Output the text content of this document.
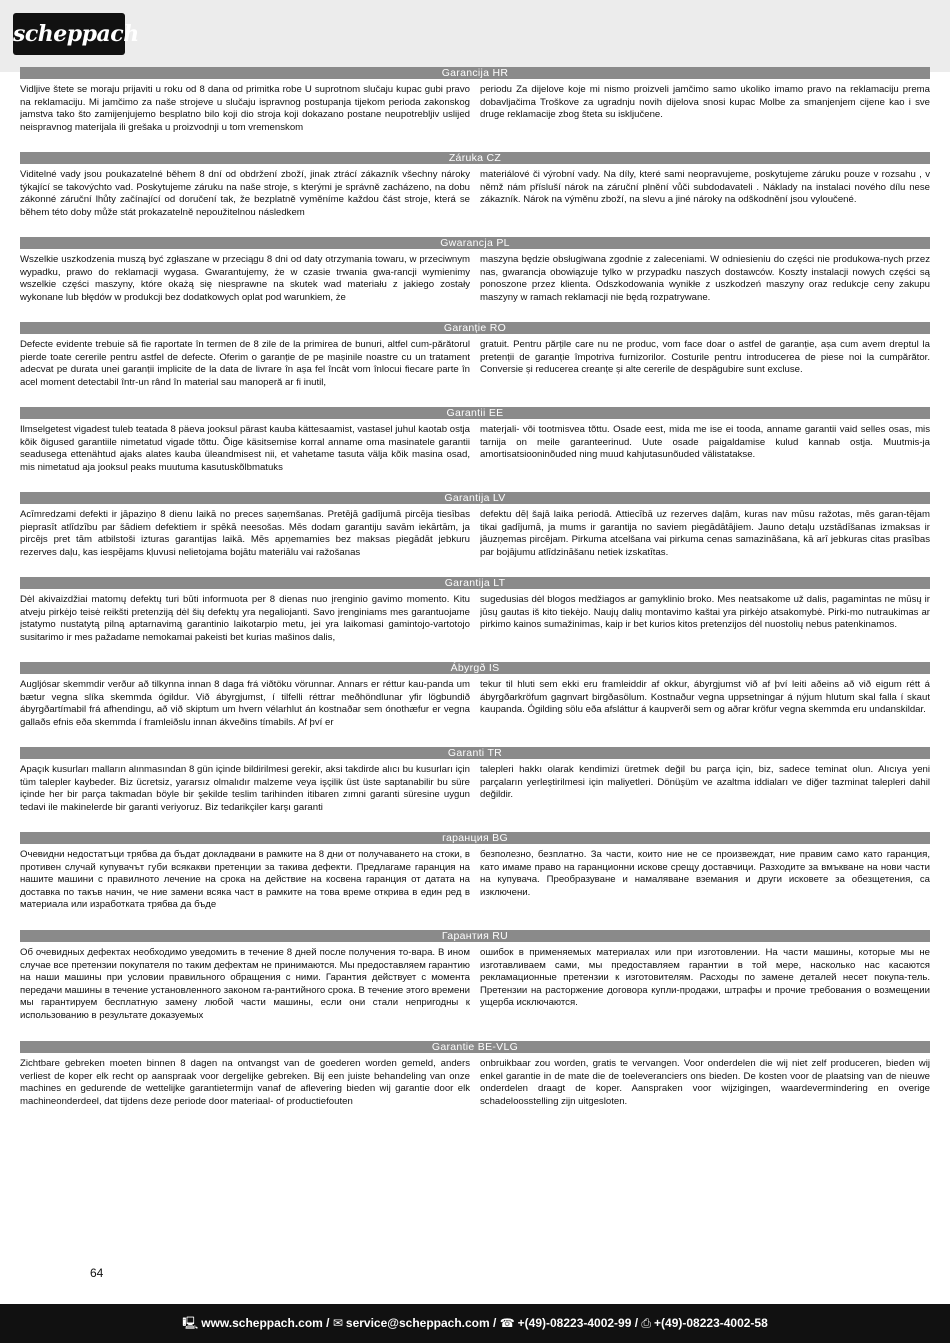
scheppach
Garancija HR

Vidljive štete se moraju prijaviti u roku od 8 dana od primitka robe U suprotnom slučaju kupac gubi pravo na reklamaciju. Mi jamčimo za naše strojeve u slučaju ispravnog postupanja tijekom perioda zakonskog jamstva tako što zamijenjujemo besplatno bilo koji dio stroja koji dokazano postane neupotrebljiv uslijed neispravnog materijala ili grešaka u proizvodnji u tom vremenskom

periodu Za dijelove koje mi nismo proizveli jamčimo samo ukoliko imamo pravo na reklamaciju prema dobavljačima Troškove za ugradnju novih dijelova snosi kupac Molbe za smanjenjem cijene kao i sve druge reklamacije zbog šteta su isključene.

Záruka CZ

Viditelné vady jsou poukazatelné během 8 dní od obdržení zboží, jinak ztrácí zákazník všechny nároky týkající se takovýchto vad. Poskytujeme záruku na naše stroje, s kterými je správně zacházeno, na dobu zákonné záruční lhůty začínající od doručení tak, že bezplatně vyměníme každou část stroje, která se během této doby může stát prokazatelně nepoužitelnou následkem

materiálové či výrobní vady. Na díly, které sami neopravujeme, poskytujeme záruku pouze v rozsahu , v němž nám přísluší nárok na záruční plnění vůči subdodavateli . Náklady na instalaci nového dílu nese zákazník. Nárok na výměnu zboží, na slevu a jiné nároky na odškodnění jsou vyloučené.

Gwarancja PL

Wszelkie uszkodzenia muszą być zgłaszane w przeciągu 8 dni od daty otrzymania towaru, w przeciwnym wypadku, prawo do reklamacji wygasa. Gwarantujemy, że w czasie trwania gwa-rancji wymienimy wszelkie części maszyny, które okażą się niesprawne na skutek wad materiału z jakiego zostały wykonane lub błędów w produkcji bez dodatkowych oplat pod warunkiem, że

maszyna będzie obsługiwana zgodnie z zaleceniami. W odniesieniu do części nie produkowa-nych przez nas, gwarancja obowiązuje tylko w przypadku naszych dostawców. Koszty instalacji nowych części są ponoszone przez klienta. Odszkodowania wynikłe z uszkodzeń maszyny oraz redukcje ceny zakupu maszyny w ramach reklamacji nie będą rozpatrywane.

Garanție RO

Defecte evidente trebuie să fie raportate în termen de 8 zile de la primirea de bunuri, altfel cum-părătorul pierde toate cererile pentru astfel de defecte. Oferim o garanție de pe mașinile noastre cu un tratament adecvat pe durata unei garanții implicite de la data de livrare în așa fel încât vom înlocui fiecare parte în acel moment detectabil într-un rând în material sau manoperă ar fi inutil,

gratuit. Pentru părțile care nu ne produc, vom face doar o astfel de garanție, așa cum avem dreptul la pretenții de garanție împotriva furnizorilor. Costurile pentru introducerea de piese noi la cumpărător. Conversie și reducerea creanțe și alte cererile de despăgubire sunt excluse.

Garantii EE

Ilmselgetest vigadest tuleb teatada 8 päeva jooksul pärast kauba kättesaamist, vastasel juhul kaotab ostja kõik õigused garantiile nimetatud vigade tõttu. Õige käsitsemise korral anname oma masinatele garantii seadusega ettenähtud ajaks alates kauba üleandmisest nii, et vahetame tasuta välja kõik masina osad, mis nimetatud aja jooksul peaks muutuma kasutuskõlbmatuks

materjali- või tootmisvea tõttu. Osade eest, mida me ise ei tooda, anname garantii vaid selles osas, mis tarnija on meile garanteerinud. Uute osade paigaldamise kulud kannab ostja. Muutmis-ja amortisatsiooninõuded ning muud kahjutasunõuded välistatakse.

Garantija LV

Acīmredzami defekti ir jāpaziņo 8 dienu laikā no preces saņemšanas. Pretējā gadījumā pircēja tiesības pieprasīt atlīdzību par šādiem defektiem ir spēkā neesošas. Mēs dodam garantiju savām iekārtām, ja pircējs pret tām atbilstoši izturas garantijas laikā. Mēs apņemamies bez maksas piegādāt jebkuru rezerves daļu, kas iespējams kļuvusi nelietojama bojātu materiālu vai ražošanas

defektu dēļ šajā laika periodā. Attiecībā uz rezerves daļām, kuras nav mūsu ražotas, mēs garan-tējam tikai gadījumā, ja mums ir garantija no saviem piegādātājiem. Jauno detaļu uzstādīšanas izmaksas ir jāuzņemas pircējam. Pirkuma atcelšana vai pirkuma cenas samazināšana, kā arī jebkuras citas prasības par bojājumu atlīdzināšanu netiek izskatītas.

Garantija LT

Dėl akivaizdžiai matomų defektų turi būti informuota per 8 dienas nuo įrenginio gavimo momento. Kitu atveju pirkėjo teisė reikšti pretenziją dėl šių defektų yra negaliojanti. Savo įrenginiams mes garantuojame įstatymo nustatytą pilną aptarnavimą garantinio laikotarpio metu, jei yra laikomasi gamintojo-vartotojo susitarimo ir mes pažadame nemokamai pakeisti bet kurias mašinos dalis,

sugedusias dėl blogos medžiagos ar gamyklinio broko. Mes neatsakome už dalis, pagamintas ne mūsų ir jūsų gautas iš kito tiekėjo. Naujų dalių montavimo kaštai yra pirkėjo atsakomybė. Pirki-mo nutraukimas ar pirkimo kainos sumažinimas, kaip ir bet kurios kitos pretenzijos dėl nuostolių nebus patenkinamos.

Ábyrgð IS

Augljósar skemmdir verður að tilkynna innan 8 daga frá viðtöku vörunnar. Annars er réttur kau-panda um bætur vegna slíka skemmda ógildur. Við ábyrgjumst, í tilfelli réttrar meðhöndlunar yfir lögbundið ábyrgðartímabil frá afhendingu, að við skiptum um hvern vélarhlut án kostnaðar sem ónothæfur er vegna gallaðs efnis eða skemmda í framleiðslu innan ákveðins tímabils. Af því er

tekur til hluti sem ekki eru framleiddir af okkur, ábyrgjumst við af því leiti aðeins að við eigum rétt á ábyrgðarkröfum gagnvart birgðasölum. Kostnaður vegna uppsetningar á nýjum hlutum skal falla í skaut kaupanda. Ógilding sölu eða afsláttur á kaupverði sem og aðrar kröfur vegna skemmda eru undanskildar.

Garanti TR

Apaçık kusurları malların alınmasından 8 gün içinde bildirilmesi gerekir, aksi takdirde alıcı bu kusurları için tüm talepler kaybeder. Biz ücretsiz, yararsız olmalıdır malzeme veya işçilik üst üste saptanabilir bu süre içinde her bir parça takmadan böyle bir şekilde teslim tarihinden itibaren zımni garanti süresine uygun tedavi ile makinelerde bir garanti veriyoruz. Biz tedarikçiler karşı garanti

talepleri hakkı olarak kendimizi üretmek değil bu parça için, biz, sadece teminat olun. Alıcıya yeni parçaların yerleştirilmesi için maliyetleri. Dönüşüm ve azaltma iddiaları ve diğer tazminat talepleri dahil değildir.

гаранция BG

Очевидни недостатъци трябва да бъдат докладвани в рамките на 8 дни от получаването на стоки, в противен случай купувачът губи всякакви претенции за такива дефекти. Предлагаме гаранция на нашите машини с правилното лечение на срока на действие на косвена гаранция от датата на доставка по такъв начин, че ние замени всяка част в рамките на това време открива в един ред в материала или изработката трябва да бъде

безполезно, безплатно. За части, които ние не се произвеждат, ние правим само като гаранция, като имаме право на гаранционни искове срещу доставчици. Разходите за вмъкване на нови части на купувача. Преобразуване и намаляване вземания и други исковете за обезщетения, са изключени.

Гарантия RU

Об очевидных дефектах необходимо уведомить в течение 8 дней после получения то-вара. В ином случае все претензии покупателя по таким дефектам не принимаются. Мы предоставляем гарантию на наши машины при условии правильного обращения с ними. Гарантия действует с момента передачи машины в течение установленного законом га-рантийного срока. В течение этого времени мы гарантируем бесплатную замену любой части машины, если они стали непригодны к использованию в результате доказуемых

ошибок в применяемых материалах или при изготовлении. На части машины, которые мы не изготавливаем сами, мы предоставляем гарантии в той мере, насколько нас касаются рекламационные претензии к изготовителям. Расходы по замене деталей несет покупа-тель. Претензии на расторжение договора купли-продажи, штрафы и прочие требования о возмещении ущерба исключаются.

Garantie BE-VLG

Zichtbare gebreken moeten binnen 8 dagen na ontvangst van de goederen worden gemeld, anders verliest de koper elk recht op aanspraak voor dergelijke gebreken. Bij een juiste behandeling van onze machines en gedurende de wettelijke garantietermijn vanaf de aflevering bieden wij garantie door elk machineonderdeel, dat tijdens deze periode door materiaal- of productiefouten

onbruikbaar zou worden, gratis te vervangen. Voor onderdelen die wij niet zelf produceren, bieden wij enkel garantie in de mate die de toeleveranciers ons bieden. De kosten voor de plaatsing van de nieuwe onderdelen draagt de koper. Aanspraken voor wijzigingen, waardevermindering en overige schadeloosstelling zijn uitgesloten.

64
🖳 www.scheppach.com / ✉ service@scheppach.com / ☎ +(49)-08223-4002-99 / ⎙ +(49)-08223-4002-58
